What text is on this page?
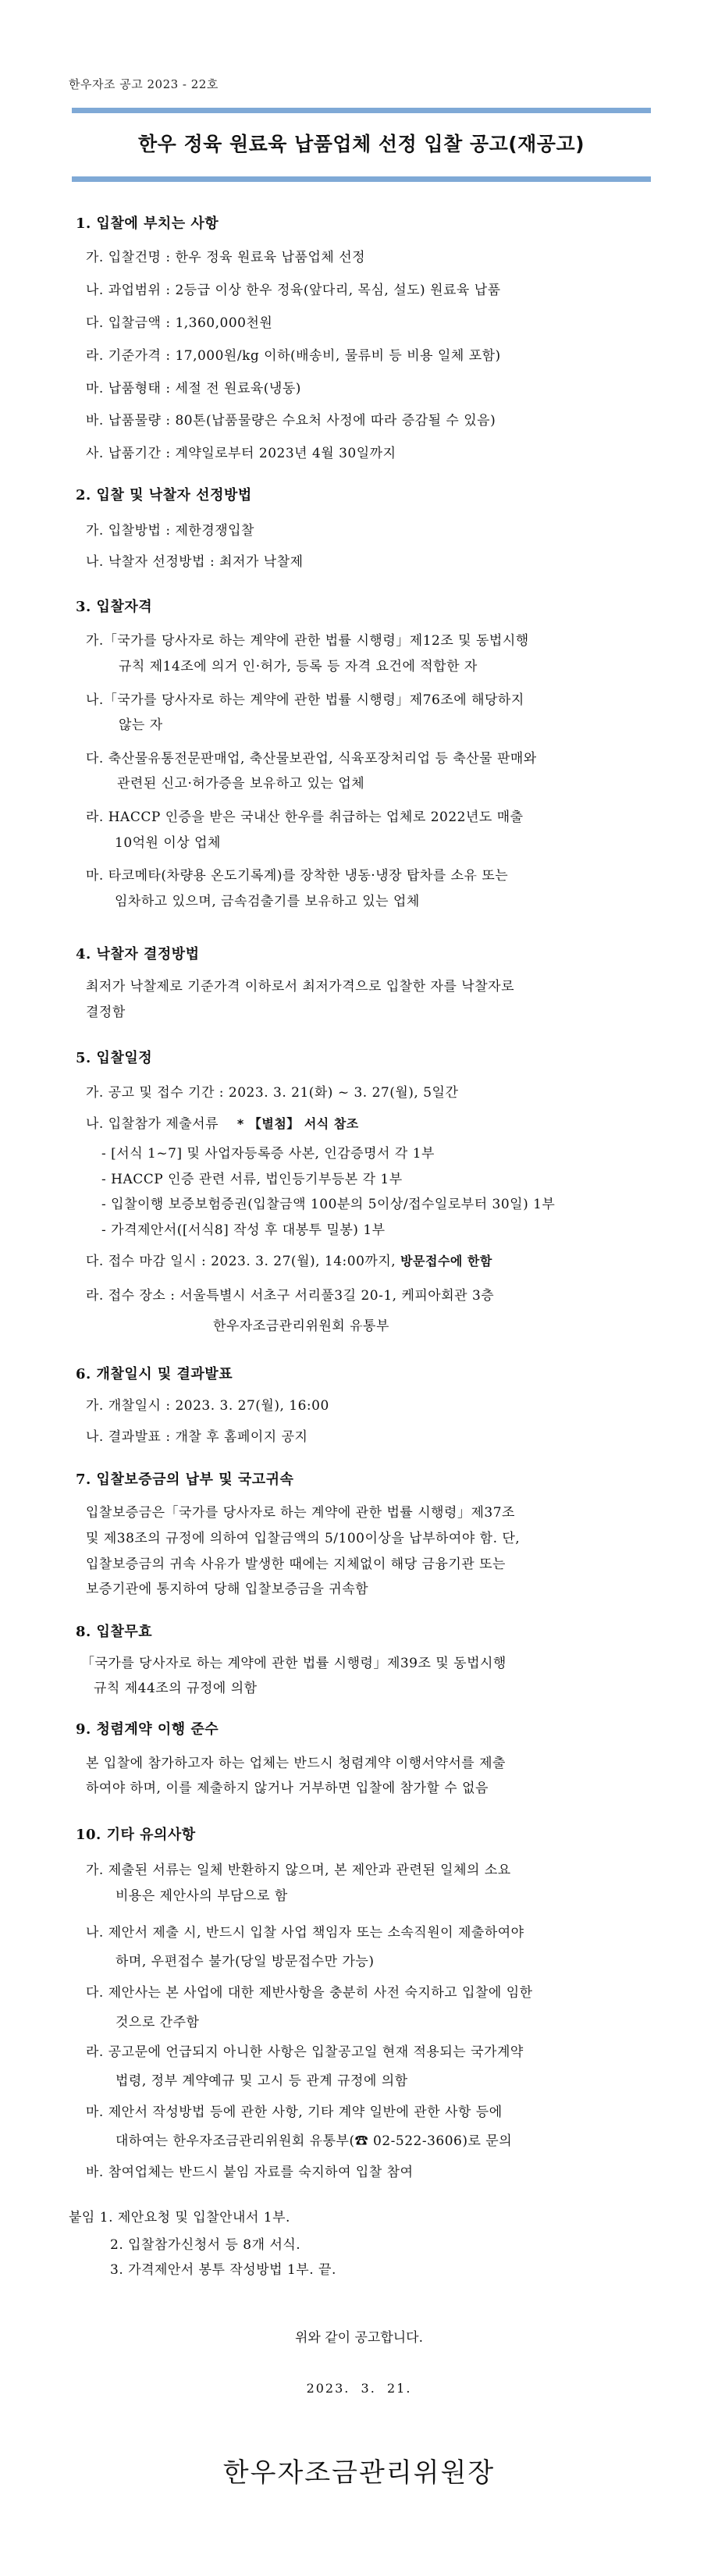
한우자조 공고 2023 - 22호
한우 정육 원료육 납품업체 선정 입찰 공고(재공고)
1. 입찰에 부치는 사항
가. 입찰건명 : 한우 정육 원료육 납품업체 선정
나. 과업범위 : 2등급 이상 한우 정육(앞다리, 목심, 설도) 원료육 납품
다. 입찰금액 : 1,360,000천원
라. 기준가격 : 17,000원/kg 이하(배송비, 물류비 등 비용 일체 포함)
마. 납품형태 : 세절 전 원료육(냉동)
바. 납품물량 : 80톤(납품물량은 수요처 사정에 따라 증감될 수 있음)
사. 납품기간 : 계약일로부터 2023년 4월 30일까지
2. 입찰 및 낙찰자 선정방법
가. 입찰방법 : 제한경쟁입찰
나. 낙찰자 선정방법 : 최저가 낙찰제
3. 입찰자격
가.「국가를 당사자로 하는 계약에 관한 법률 시행령」제12조 및 동법시행
규칙 제14조에 의거 인·허가, 등록 등 자격 요건에 적합한 자
나.「국가를 당사자로 하는 계약에 관한 법률 시행령」제76조에 해당하지
않는 자
다. 축산물유통전문판매업, 축산물보관업, 식육포장처리업 등 축산물 판매와
관련된 신고·허가증을 보유하고 있는 업체
라. HACCP 인증을 받은 국내산 한우를 취급하는 업체로 2022년도 매출
10억원 이상 업체
마. 타코메타(차량용 온도기록계)를 장착한 냉동·냉장 탑차를 소유 또는
임차하고 있으며, 금속검출기를 보유하고 있는 업체
4. 낙찰자 결정방법
최저가 낙찰제로 기준가격 이하로서 최저가격으로 입찰한 자를 낙찰자로
결정함
5. 입찰일정
가. 공고 및 접수 기간 : 2023. 3. 21(화) ~ 3. 27(월), 5일간
나. 입찰참가 제출서류 * 【별첨】 서식 참조
- [서식 1~7] 및 사업자등록증 사본, 인감증명서 각 1부
- HACCP 인증 관련 서류, 법인등기부등본 각 1부
- 입찰이행 보증보험증권(입찰금액 100분의 5이상/접수일로부터 30일) 1부
- 가격제안서([서식8] 작성 후 대봉투 밀봉) 1부
다. 접수 마감 일시 : 2023. 3. 27(월), 14:00까지, 방문접수에 한함
라. 접수 장소 : 서울특별시 서초구 서리풀3길 20-1, 케피아회관 3층
한우자조금관리위원회 유통부
6. 개찰일시 및 결과발표
가. 개찰일시 : 2023. 3. 27(월), 16:00
나. 결과발표 : 개찰 후 홈페이지 공지
7. 입찰보증금의 납부 및 국고귀속
입찰보증금은「국가를 당사자로 하는 계약에 관한 법률 시행령」제37조
및 제38조의 규정에 의하여 입찰금액의 5/100이상을 납부하여야 함. 단,
입찰보증금의 귀속 사유가 발생한 때에는 지체없이 해당 금융기관 또는
보증기관에 통지하여 당해 입찰보증금을 귀속함
8. 입찰무효
「국가를 당사자로 하는 계약에 관한 법률 시행령」제39조 및 동법시행
규칙 제44조의 규정에 의함
9. 청렴계약 이행 준수
본 입찰에 참가하고자 하는 업체는 반드시 청렴계약 이행서약서를 제출
하여야 하며, 이를 제출하지 않거나 거부하면 입찰에 참가할 수 없음
10. 기타 유의사항
가. 제출된 서류는 일체 반환하지 않으며, 본 제안과 관련된 일체의 소요
비용은 제안사의 부담으로 함
나. 제안서 제출 시, 반드시 입찰 사업 책임자 또는 소속직원이 제출하여야
하며, 우편접수 불가(당일 방문접수만 가능)
다. 제안사는 본 사업에 대한 제반사항을 충분히 사전 숙지하고 입찰에 임한
것으로 간주함
라. 공고문에 언급되지 아니한 사항은 입찰공고일 현재 적용되는 국가계약
법령, 정부 계약예규 및 고시 등 관계 규정에 의함
마. 제안서 작성방법 등에 관한 사항, 기타 계약 일반에 관한 사항 등에
대하여는 한우자조금관리위원회 유통부(☎ 02-522-3606)로 문의
바. 참여업체는 반드시 붙임 자료를 숙지하여 입찰 참여
붙임 1. 제안요청 및 입찰안내서 1부.
2. 입찰참가신청서 등 8개 서식.
3. 가격제안서 봉투 작성방법 1부. 끝.
위와 같이 공고합니다.
2023.  3.  21.
한우자조금관리위원장
